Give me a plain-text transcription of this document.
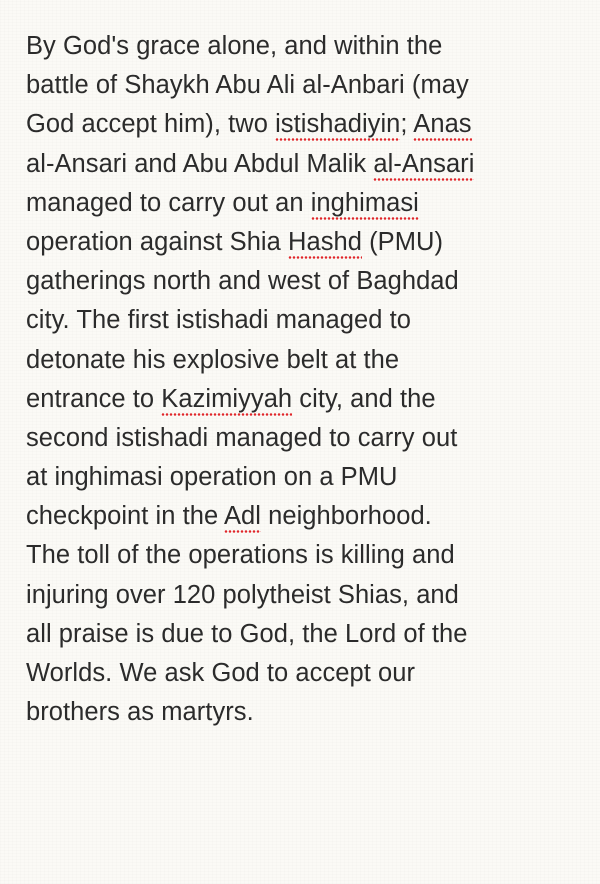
By God's grace alone, and within the
battle of Shaykh Abu Ali al-Anbari (may
God accept him), two istishadiyin; Anas
al-Ansari and Abu Abdul Malik al-Ansari
managed to carry out an inghimasi
operation against Shia Hashd (PMU)
gatherings north and west of Baghdad
city. The first istishadi managed to
detonate his explosive belt at the
entrance to Kazimiyyah city, and the
second istishadi managed to carry out
at inghimasi operation on a PMU
checkpoint in the Adl neighborhood.
The toll of the operations is killing and
injuring over 120 polytheist Shias, and
all praise is due to God, the Lord of the
Worlds. We ask God to accept our
brothers as martyrs.
